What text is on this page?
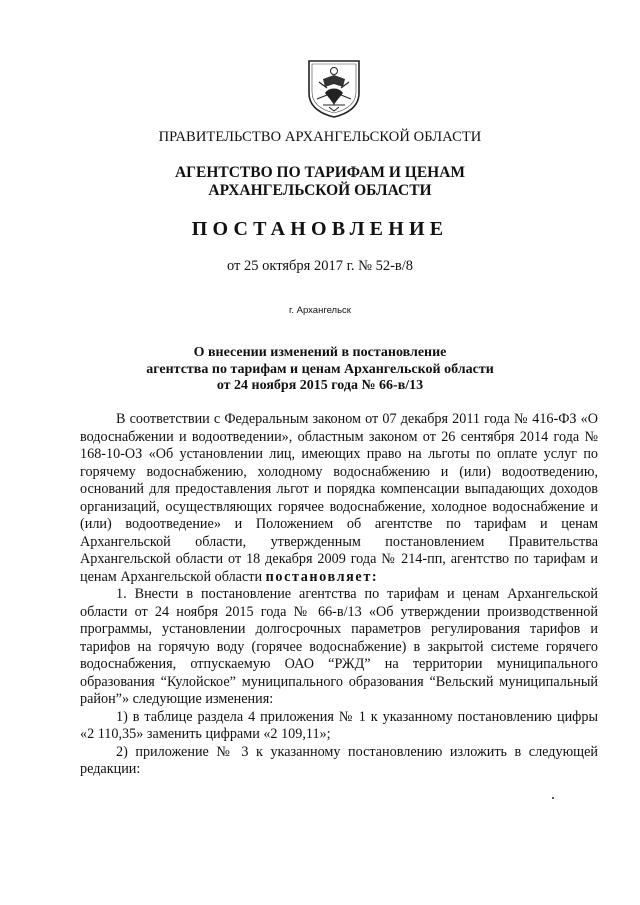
ПРАВИТЕЛЬСТВО АРХАНГЕЛЬСКОЙ ОБЛАСТИ
АГЕНТСТВО ПО ТАРИФАМ И ЦЕНАМ
АРХАНГЕЛЬСКОЙ ОБЛАСТИ
ПОСТАНОВЛЕНИЕ
от 25 октября 2017 г. № 52-в/8
г. Архангельск
О внесении изменений в постановление
агентства по тарифам и ценам Архангельской области
от 24 ноября 2015 года № 66-в/13

В соответствии с Федеральным законом от 07 декабря 2011 года № 416-ФЗ «О водоснабжении и водоотведении», областным законом от 26 сентября 2014 года № 168-10-ОЗ «Об установлении лиц, имеющих право на льготы по оплате услуг по горячему водоснабжению, холодному водоснабжению и (или) водоотведению, оснований для предоставления льгот и порядка компенсации выпадающих доходов организаций, осуществляющих горячее водоснабжение, холодное водоснабжение и (или) водоотведение» и Положением об агентстве по тарифам и ценам Архангельской области, утвержденным постановлением Правительства Архангельской области от 18 декабря 2009 года № 214-пп, агентство по тарифам и ценам Архангельской области постановляет:

1. Внести в постановление агентства по тарифам и ценам Архангельской области от 24 ноября 2015 года № 66-в/13 «Об утверждении производственной программы, установлении долгосрочных параметров регулирования тарифов и тарифов на горячую воду (горячее водоснабжение) в закрытой системе горячего водоснабжения, отпускаемую ОАО “РЖД” на территории муниципального образования “Кулойское” муниципального образования “Вельский муниципальный район”» следующие изменения:

1) в таблице раздела 4 приложения № 1 к указанному постановлению цифры «2 110,35» заменить цифрами «2 109,11»;

2) приложение № 3 к указанному постановлению изложить в следующей редакции:
